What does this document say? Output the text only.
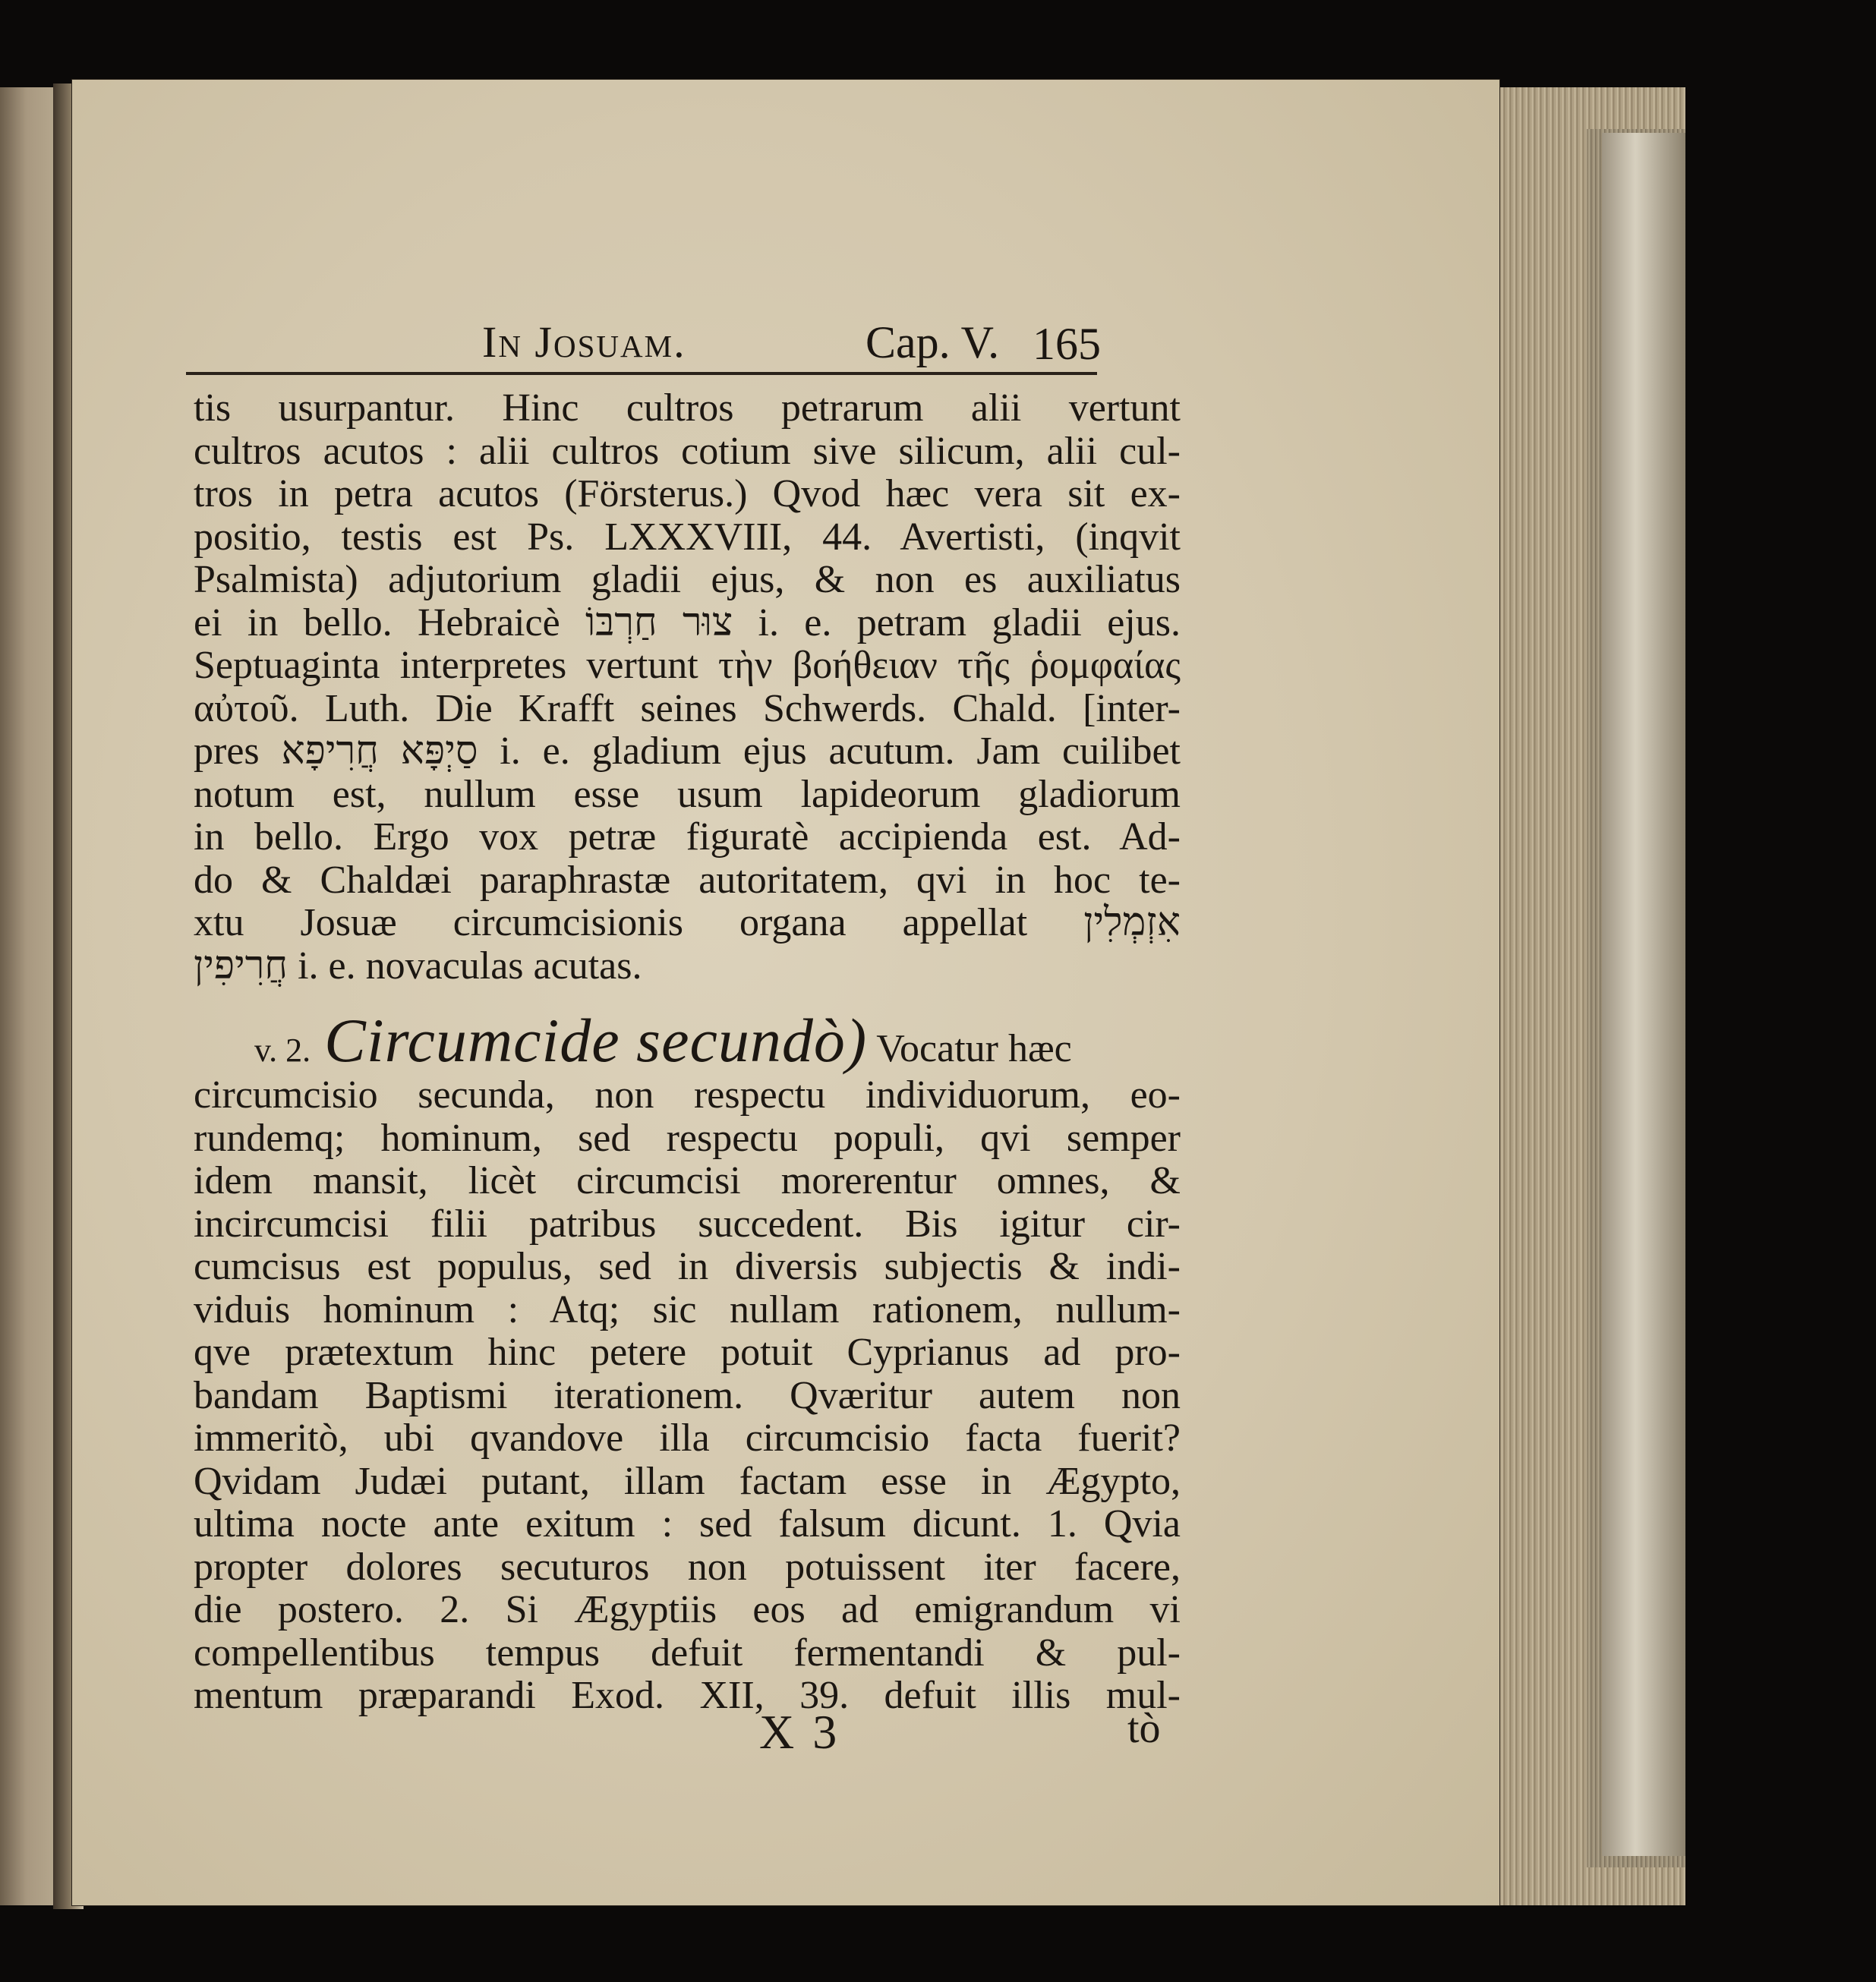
In Josuam.	Cap. V. 165
tis usurpantur. Hinc cultros petrarum alii vertunt
cultros acutos : alii cultros cotium sive silicum, alii cul-
tros in petra acutos (Försterus.) Qvod hæc vera sit ex-
positio, testis est Ps. LXXXVIII, 44. Avertisti, (inqvit
Psalmista) adjutorium gladii ejus, & non es auxiliatus
ei in bello. Hebraicè צוּר חַרְבּוֹ i. e. petram gladii ejus.
Septuaginta interpretes vertunt τὴν βοήθειαν τῆς ῥομφαίας
αὐτοῦ. Luth. Die Krafft seines Schwerds. Chald. [inter-
pres סַיְפָּא חֲרִיפָא i. e. gladium ejus acutum. Jam cuilibet
notum est, nullum esse usum lapideorum gladiorum
in bello. Ergo vox petræ figuratè accipienda est. Ad-
do & Chaldæi paraphrastæ autoritatem, qvi in hoc te-
xtu Josuæ circumcisionis organa appellat אִזְמְלִין
חֲרִיפִין i. e. novaculas acutas.
v. 2. Circumcide secundò) Vocatur hæc
circumcisio secunda, non respectu individuorum, eo-
rundemq; hominum, sed respectu populi, qvi semper
idem mansit, licèt circumcisi morerentur omnes, &
incircumcisi filii patribus succedent. Bis igitur cir-
cumcisus est populus, sed in diversis subjectis & indi-
viduis hominum : Atq; sic nullam rationem, nullum-
qve prætextum hinc petere potuit Cyprianus ad pro-
bandam Baptismi iterationem. Qværitur autem non
immeritò, ubi qvandove illa circumcisio facta fuerit?
Qvidam Judæi putant, illam factam esse in Ægypto,
ultima nocte ante exitum : sed falsum dicunt. 1. Qvia
propter dolores secuturos non potuissent iter facere,
die postero. 2. Si Ægyptiis eos ad emigrandum vi
compellentibus tempus defuit fermentandi & pul-
mentum præparandi Exod. XII, 39. defuit illis mul-
X 3	tò
